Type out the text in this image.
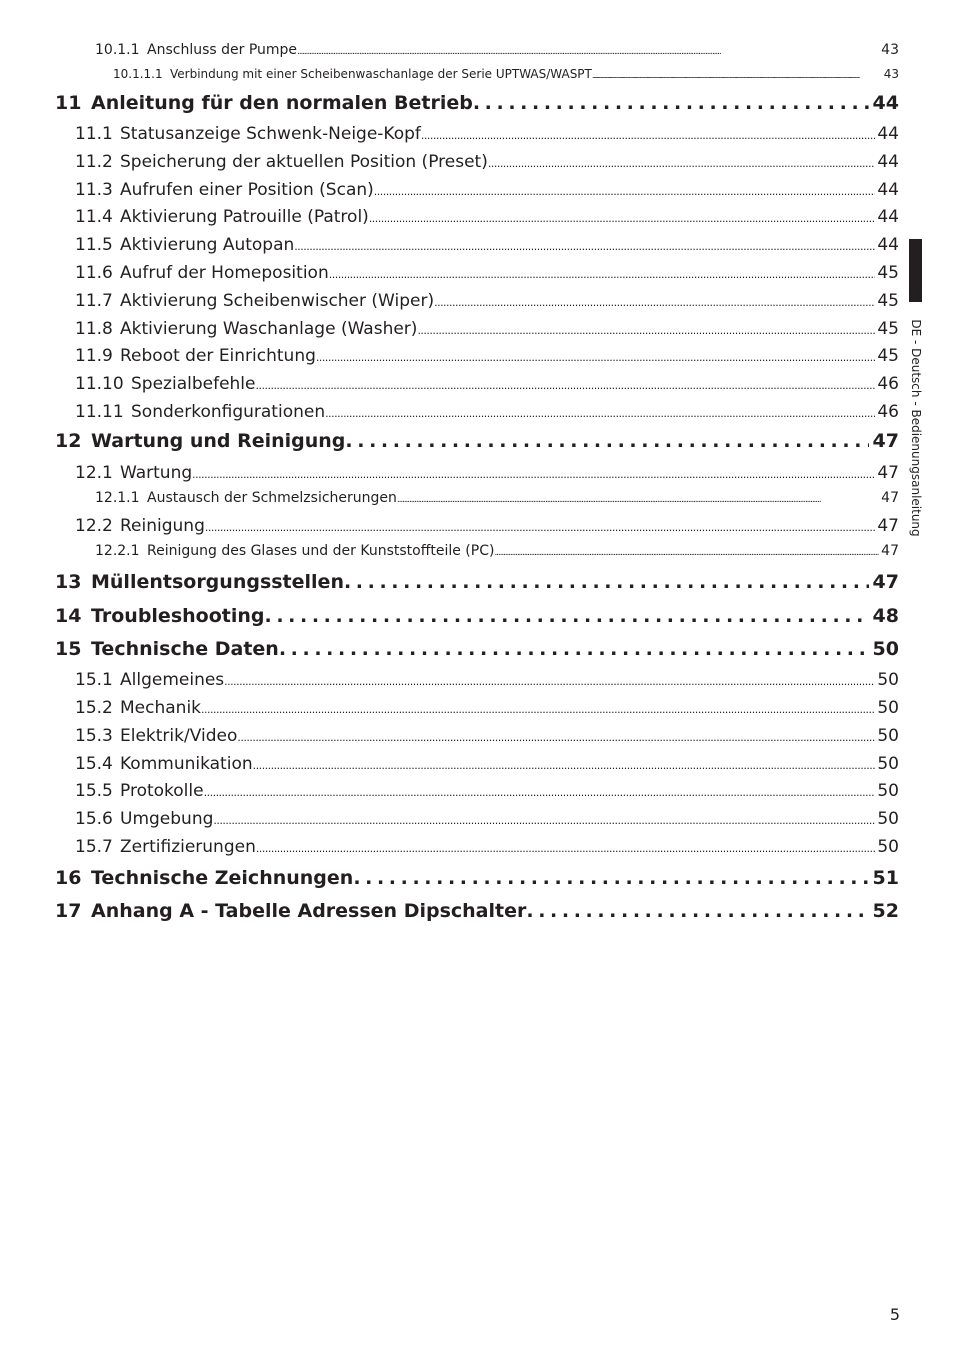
10.1.1 Anschluss der Pumpe . . .	43
10.1.1.1 Verbindung mit einer Scheibenwaschanlage der Serie UPTWAS/WASPT . . .	43
11 Anleitung für den normalen Betrieb . . .	44
11.1 Statusanzeige Schwenk-Neige-Kopf . . .	44
11.2 Speicherung der aktuellen Position (Preset) . . .	44
11.3 Aufrufen einer Position (Scan) . . .	44
11.4 Aktivierung Patrouille (Patrol) . . .	44
11.5 Aktivierung Autopan . . .	44
11.6 Aufruf der Homeposition . . .	45
11.7 Aktivierung Scheibenwischer (Wiper) . . .	45
11.8 Aktivierung Waschanlage (Washer) . . .	45
11.9 Reboot der Einrichtung . . .	45
11.10 Spezialbefehle . . .	46
11.11 Sonderkonfigurationen . . .	46
12 Wartung und Reinigung . . .	47
12.1 Wartung . . .	47
12.1.1 Austausch der Schmelzsicherungen . . .	47
12.2 Reinigung . . .	47
12.2.1 Reinigung des Glases und der Kunststoffteile (PC) . . .	47
13 Müllentsorgungsstellen . . .	47
14 Troubleshooting . . .	48
15 Technische Daten . . .	50
15.1 Allgemeines . . .	50
15.2 Mechanik . . .	50
15.3 Elektrik/Video . . .	50
15.4 Kommunikation . . .	50
15.5 Protokolle . . .	50
15.6 Umgebung . . .	50
15.7 Zertifizierungen . . .	50
16 Technische Zeichnungen . . .	51
17 Anhang A - Tabelle Adressen Dipschalter . . .	52
DE - Deutsch - Bedienungsanleitung
5
